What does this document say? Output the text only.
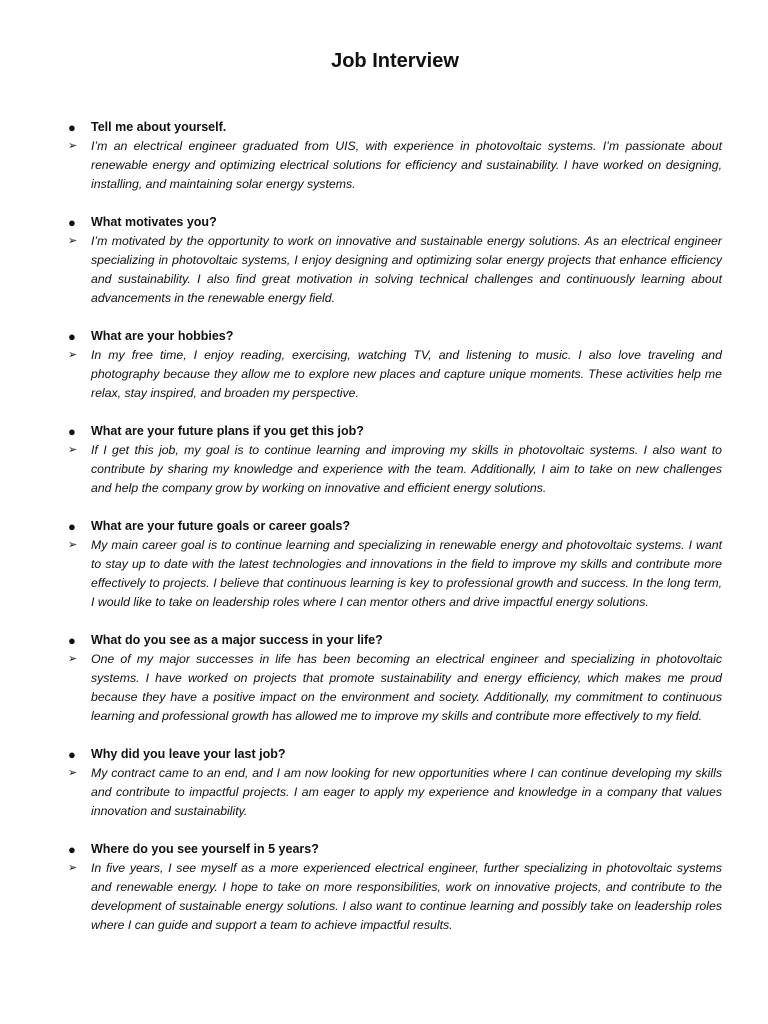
Job Interview
●	Tell me about yourself.
➢	I’m an electrical engineer graduated from UIS, with experience in photovoltaic systems. I’m passionate about renewable energy and optimizing electrical solutions for efficiency and sustainability. I have worked on designing, installing, and maintaining solar energy systems.
●	What motivates you?
➢	I’m motivated by the opportunity to work on innovative and sustainable energy solutions. As an electrical engineer specializing in photovoltaic systems, I enjoy designing and optimizing solar energy projects that enhance efficiency and sustainability. I also find great motivation in solving technical challenges and continuously learning about advancements in the renewable energy field.
●	What are your hobbies?
➢	In my free time, I enjoy reading, exercising, watching TV, and listening to music. I also love traveling and photography because they allow me to explore new places and capture unique moments. These activities help me relax, stay inspired, and broaden my perspective.
●	What are your future plans if you get this job?
➢	If I get this job, my goal is to continue learning and improving my skills in photovoltaic systems. I also want to contribute by sharing my knowledge and experience with the team. Additionally, I aim to take on new challenges and help the company grow by working on innovative and efficient energy solutions.
●	What are your future goals or career goals?
➢	My main career goal is to continue learning and specializing in renewable energy and photovoltaic systems. I want to stay up to date with the latest technologies and innovations in the field to improve my skills and contribute more effectively to projects. I believe that continuous learning is key to professional growth and success. In the long term, I would like to take on leadership roles where I can mentor others and drive impactful energy solutions.
●	What do you see as a major success in your life?
➢	One of my major successes in life has been becoming an electrical engineer and specializing in photovoltaic systems. I have worked on projects that promote sustainability and energy efficiency, which makes me proud because they have a positive impact on the environment and society. Additionally, my commitment to continuous learning and professional growth has allowed me to improve my skills and contribute more effectively to my field.
●	Why did you leave your last job?
➢	My contract came to an end, and I am now looking for new opportunities where I can continue developing my skills and contribute to impactful projects. I am eager to apply my experience and knowledge in a company that values innovation and sustainability.
●	Where do you see yourself in 5 years?
➢	In five years, I see myself as a more experienced electrical engineer, further specializing in photovoltaic systems and renewable energy. I hope to take on more responsibilities, work on innovative projects, and contribute to the development of sustainable energy solutions. I also want to continue learning and possibly take on leadership roles where I can guide and support a team to achieve impactful results.
